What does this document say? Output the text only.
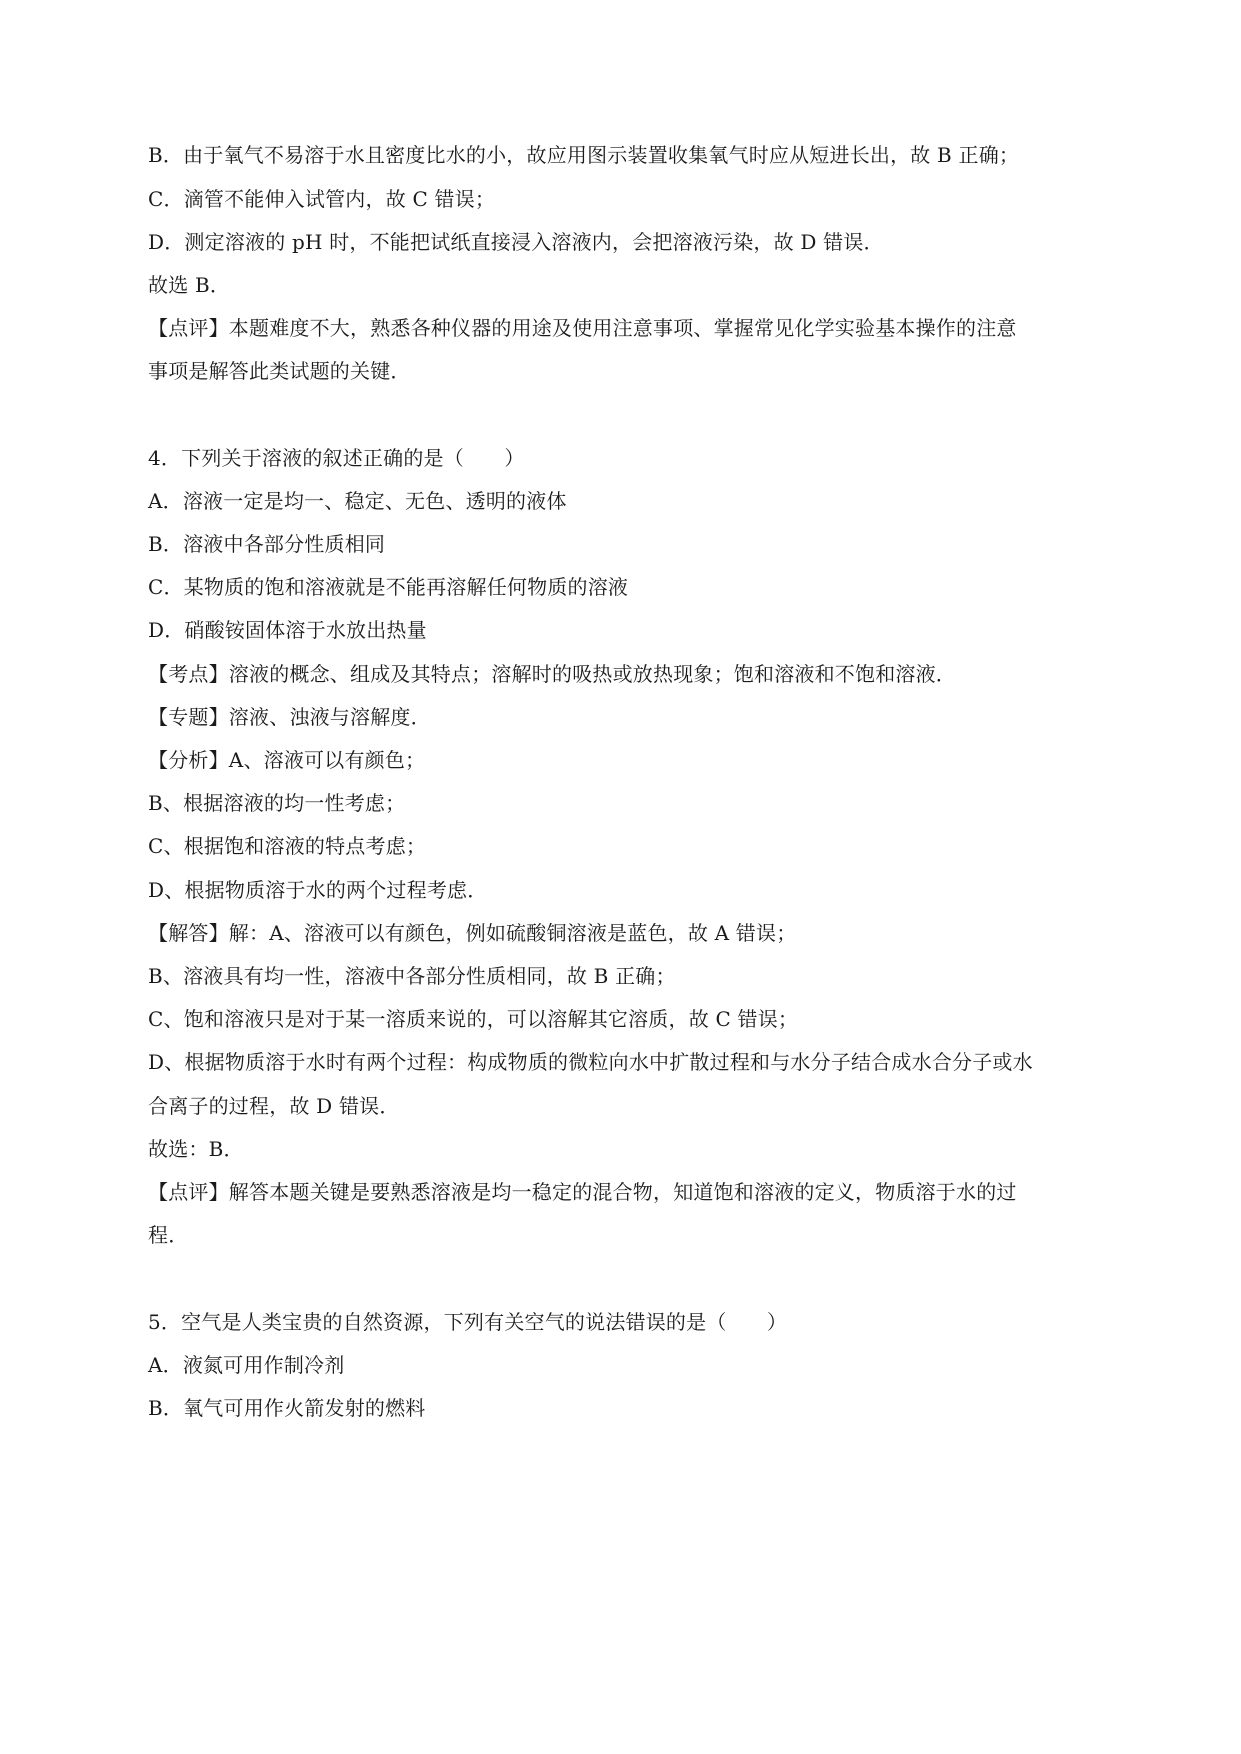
B．由于氧气不易溶于水且密度比水的小，故应用图示装置收集氧气时应从短进长出，故 B 正确；
C．滴管不能伸入试管内，故 C 错误；
D．测定溶液的 pH 时，不能把试纸直接浸入溶液内，会把溶液污染，故 D 错误．
故选 B．
【点评】本题难度不大，熟悉各种仪器的用途及使用注意事项、掌握常见化学实验基本操作的注意
事项是解答此类试题的关键．
4．下列关于溶液的叙述正确的是（　　）
A．溶液一定是均一、稳定、无色、透明的液体
B．溶液中各部分性质相同
C．某物质的饱和溶液就是不能再溶解任何物质的溶液
D．硝酸铵固体溶于水放出热量
【考点】溶液的概念、组成及其特点；溶解时的吸热或放热现象；饱和溶液和不饱和溶液．
【专题】溶液、浊液与溶解度．
【分析】A、溶液可以有颜色；
B、根据溶液的均一性考虑；
C、根据饱和溶液的特点考虑；
D、根据物质溶于水的两个过程考虑．
【解答】解：A、溶液可以有颜色，例如硫酸铜溶液是蓝色，故 A 错误；
B、溶液具有均一性，溶液中各部分性质相同，故 B 正确；
C、饱和溶液只是对于某一溶质来说的，可以溶解其它溶质，故 C 错误；
D、根据物质溶于水时有两个过程：构成物质的微粒向水中扩散过程和与水分子结合成水合分子或水
合离子的过程，故 D 错误．
故选：B．
【点评】解答本题关键是要熟悉溶液是均一稳定的混合物，知道饱和溶液的定义，物质溶于水的过
程．
5．空气是人类宝贵的自然资源，下列有关空气的说法错误的是（　　）
A．液氮可用作制冷剂
B．氧气可用作火箭发射的燃料
